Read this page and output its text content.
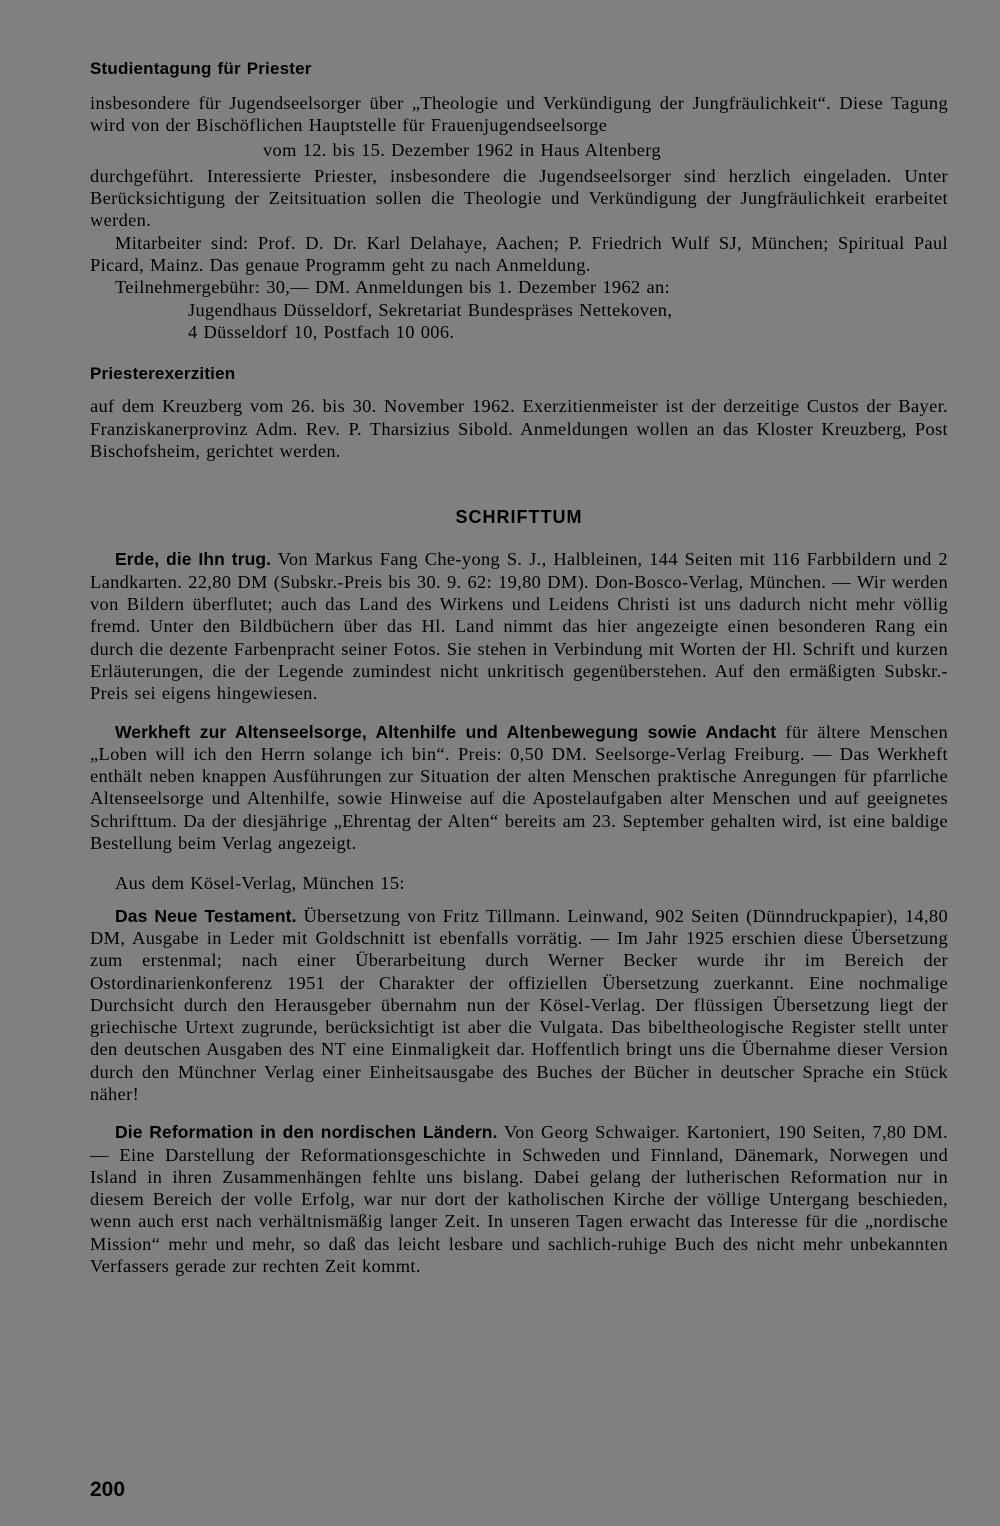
Studientagung für Priester

insbesondere für Jugendseelsorger über „Theologie und Verkündigung der Jungfräulichkeit“. Diese Tagung wird von der Bischöflichen Hauptstelle für Frauenjugendseelsorge

vom 12. bis 15. Dezember 1962 in Haus Altenberg

durchgeführt. Interessierte Priester, insbesondere die Jugendseelsorger sind herzlich eingeladen. Unter Berücksichtigung der Zeitsituation sollen die Theologie und Verkündigung der Jungfräulichkeit erarbeitet werden.

Mitarbeiter sind: Prof. D. Dr. Karl Delahaye, Aachen; P. Friedrich Wulf SJ, München; Spiritual Paul Picard, Mainz. Das genaue Programm geht zu nach Anmeldung.

Teilnehmergebühr: 30,— DM. Anmeldungen bis 1. Dezember 1962 an:

Jugendhaus Düsseldorf, Sekretariat Bundespräses Nettekoven,

4 Düsseldorf 10, Postfach 10 006.

Priesterexerzitien

auf dem Kreuzberg vom 26. bis 30. November 1962. Exerzitienmeister ist der derzeitige Custos der Bayer. Franziskanerprovinz Adm. Rev. P. Tharsizius Sibold. Anmeldungen wollen an das Kloster Kreuzberg, Post Bischofsheim, gerichtet werden.

SCHRIFTTUM

Erde, die Ihn trug. Von Markus Fang Che-yong S. J., Halbleinen, 144 Seiten mit 116 Farbbildern und 2 Landkarten. 22,80 DM (Subskr.-Preis bis 30. 9. 62: 19,80 DM). Don-Bosco-Verlag, München. — Wir werden von Bildern überflutet; auch das Land des Wirkens und Leidens Christi ist uns dadurch nicht mehr völlig fremd. Unter den Bildbüchern über das Hl. Land nimmt das hier angezeigte einen besonderen Rang ein durch die dezente Farbenpracht seiner Fotos. Sie stehen in Verbindung mit Worten der Hl. Schrift und kurzen Erläuterungen, die der Legende zumindest nicht unkritisch gegenüberstehen. Auf den ermäßigten Subskr.-Preis sei eigens hingewiesen.

Werkheft zur Altenseelsorge, Altenhilfe und Altenbewegung sowie Andacht für ältere Menschen „Loben will ich den Herrn solange ich bin“. Preis: 0,50 DM. Seelsorge-Verlag Freiburg. — Das Werkheft enthält neben knappen Ausführungen zur Situation der alten Menschen praktische Anregungen für pfarrliche Altenseelsorge und Altenhilfe, sowie Hinweise auf die Apostelaufgaben alter Menschen und auf geeignetes Schrifttum. Da der diesjährige „Ehrentag der Alten“ bereits am 23. September gehalten wird, ist eine baldige Bestellung beim Verlag angezeigt.

Aus dem Kösel-Verlag, München 15:

Das Neue Testament. Übersetzung von Fritz Tillmann. Leinwand, 902 Seiten (Dünndruckpapier), 14,80 DM, Ausgabe in Leder mit Goldschnitt ist ebenfalls vorrätig. — Im Jahr 1925 erschien diese Übersetzung zum erstenmal; nach einer Überarbeitung durch Werner Becker wurde ihr im Bereich der Ostordinarienkonferenz 1951 der Charakter der offiziellen Übersetzung zuerkannt. Eine nochmalige Durchsicht durch den Herausgeber übernahm nun der Kösel-Verlag. Der flüssigen Übersetzung liegt der griechische Urtext zugrunde, berücksichtigt ist aber die Vulgata. Das bibeltheologische Register stellt unter den deutschen Ausgaben des NT eine Einmaligkeit dar. Hoffentlich bringt uns die Übernahme dieser Version durch den Münchner Verlag einer Einheitsausgabe des Buches der Bücher in deutscher Sprache ein Stück näher!

Die Reformation in den nordischen Ländern. Von Georg Schwaiger. Kartoniert, 190 Seiten, 7,80 DM. — Eine Darstellung der Reformationsgeschichte in Schweden und Finnland, Dänemark, Norwegen und Island in ihren Zusammenhängen fehlte uns bislang. Dabei gelang der lutherischen Reformation nur in diesem Bereich der volle Erfolg, war nur dort der katholischen Kirche der völlige Untergang beschieden, wenn auch erst nach verhältnismäßig langer Zeit. In unseren Tagen erwacht das Interesse für die „nordische Mission“ mehr und mehr, so daß das leicht lesbare und sachlich-ruhige Buch des nicht mehr unbekannten Verfassers gerade zur rechten Zeit kommt.

200
